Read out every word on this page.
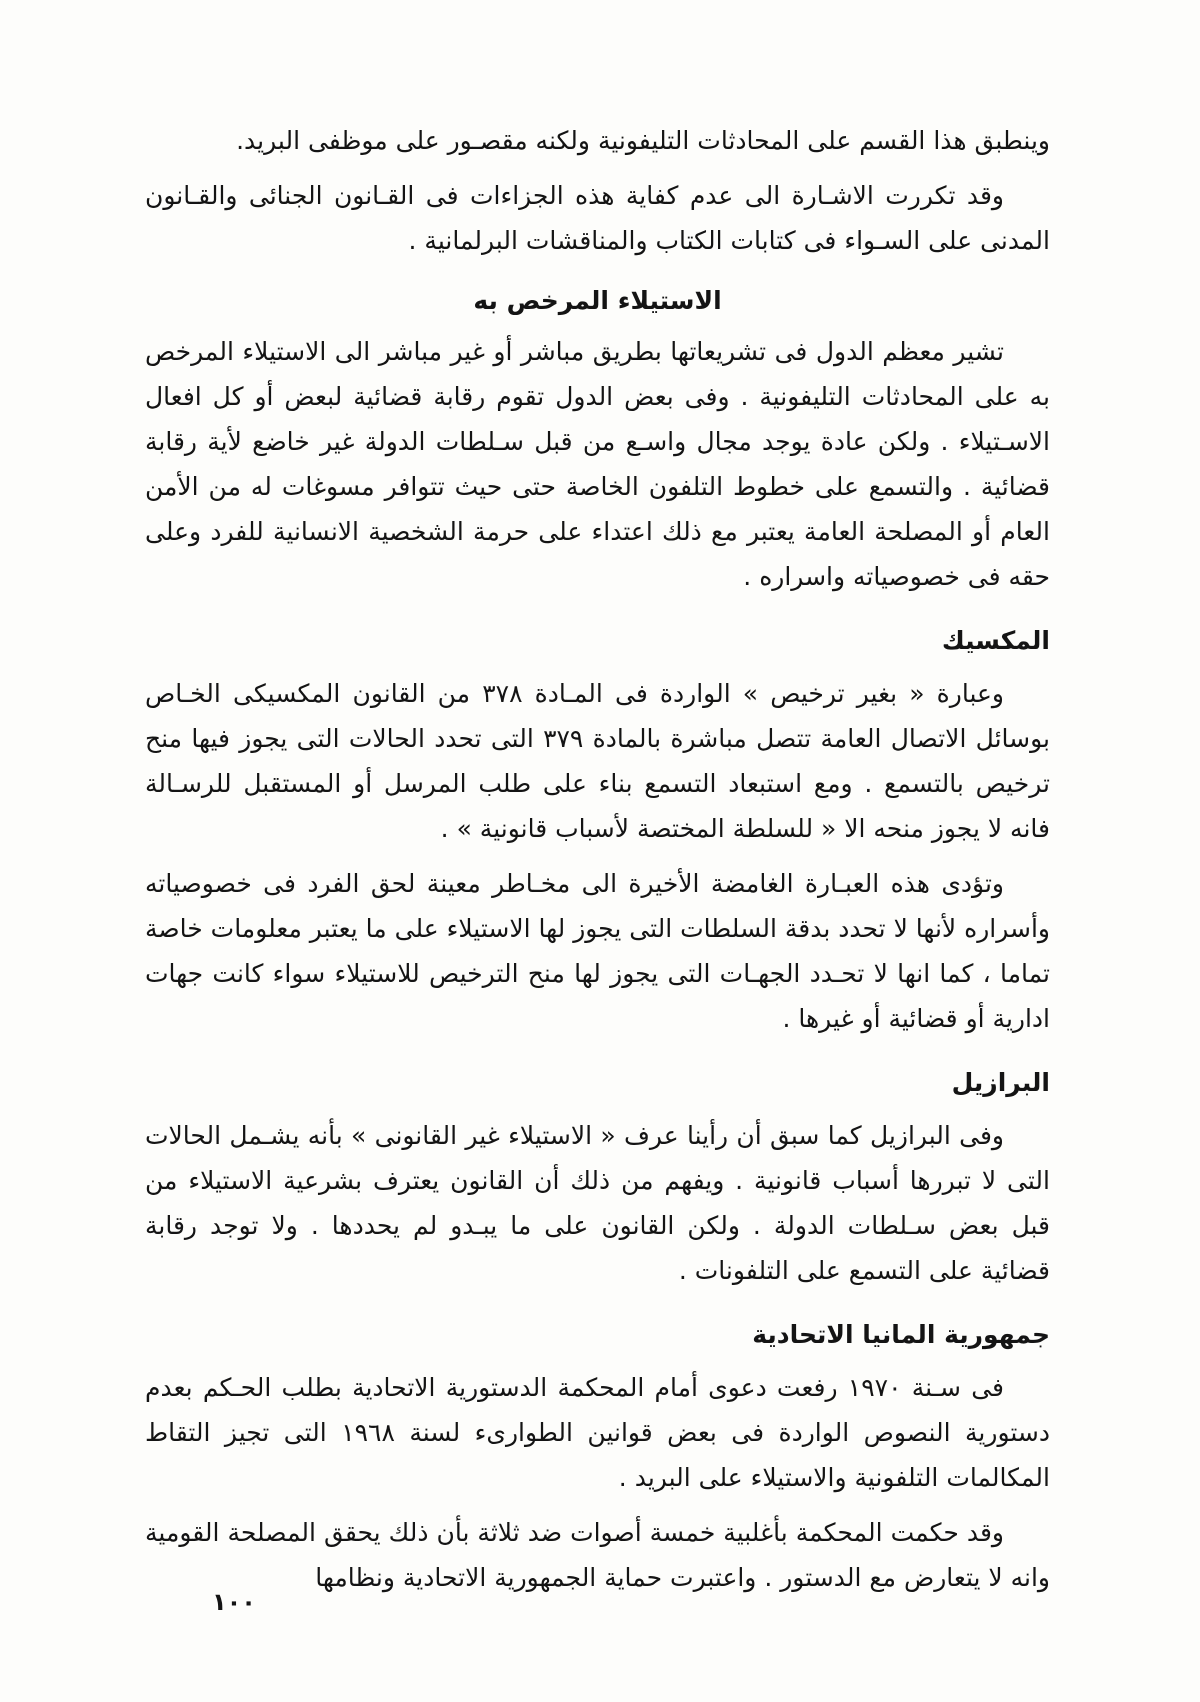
وينطبق هذا القسم على المحادثات التليفونية ولكنه مقصـور على موظفى البريد.

وقد تكررت الاشـارة الى عدم كفاية هذه الجزاءات فى القـانون الجنائى والقـانون المدنى على السـواء فى كتابات الكتاب والمناقشات البرلمانية .

الاستيلاء المرخص به

تشير معظم الدول فى تشريعاتها بطريق مباشر أو غير مباشر الى الاستيلاء المرخص به على المحادثات التليفونية . وفى بعض الدول تقوم رقابة قضائية لبعض أو كل افعال الاسـتيلاء . ولكن عادة يوجد مجال واسـع من قبل سـلطات الدولة غير خاضع لأية رقابة قضائية . والتسمع على خطوط التلفون الخاصة حتى حيث تتوافر مسوغات له من الأمن العام أو المصلحة العامة يعتبر مع ذلك اعتداء على حرمة الشخصية الانسانية للفرد وعلى حقه فى خصوصياته واسراره .

المكسيك

وعبارة « بغير ترخيص » الواردة فى المـادة ٣٧٨ من القانون المكسيكى الخـاص بوسائل الاتصال العامة تتصل مباشرة بالمادة ٣٧٩ التى تحدد الحالات التى يجوز فيها منح ترخيص بالتسمع . ومع استبعاد التسمع بناء على طلب المرسل أو المستقبل للرسـالة فانه لا يجوز منحه الا « للسلطة المختصة لأسباب قانونية » .

وتؤدى هذه العبـارة الغامضة الأخيرة الى مخـاطر معينة لحق الفرد فى خصوصياته وأسراره لأنها لا تحدد بدقة السلطات التى يجوز لها الاستيلاء على ما يعتبر معلومات خاصة تماما ، كما انها لا تحـدد الجهـات التى يجوز لها منح الترخيص للاستيلاء سواء كانت جهات ادارية أو قضائية أو غيرها .

البرازيل

وفى البرازيل كما سبق أن رأينا عرف « الاستيلاء غير القانونى » بأنه يشـمل الحالات التى لا تبررها أسباب قانونية . ويفهم من ذلك أن القانون يعترف بشرعية الاستيلاء من قبل بعض سـلطات الدولة . ولكن القانون على ما يبـدو لم يحددها . ولا توجد رقابة قضائية على التسمع على التلفونات .

جمهورية المانيا الاتحادية

فى سـنة ١٩٧٠ رفعت دعوى أمام المحكمة الدستورية الاتحادية بطلب الحـكم بعدم دستورية النصوص الواردة فى بعض قوانين الطوارىء لسنة ١٩٦٨ التى تجيز التقاط المكالمات التلفونية والاستيلاء على البريد .

وقد حكمت المحكمة بأغلبية خمسة أصوات ضد ثلاثة بأن ذلك يحقق المصلحة القومية وانه لا يتعارض مع الدستور . واعتبرت حماية الجمهورية الاتحادية ونظامها

١٠٠
